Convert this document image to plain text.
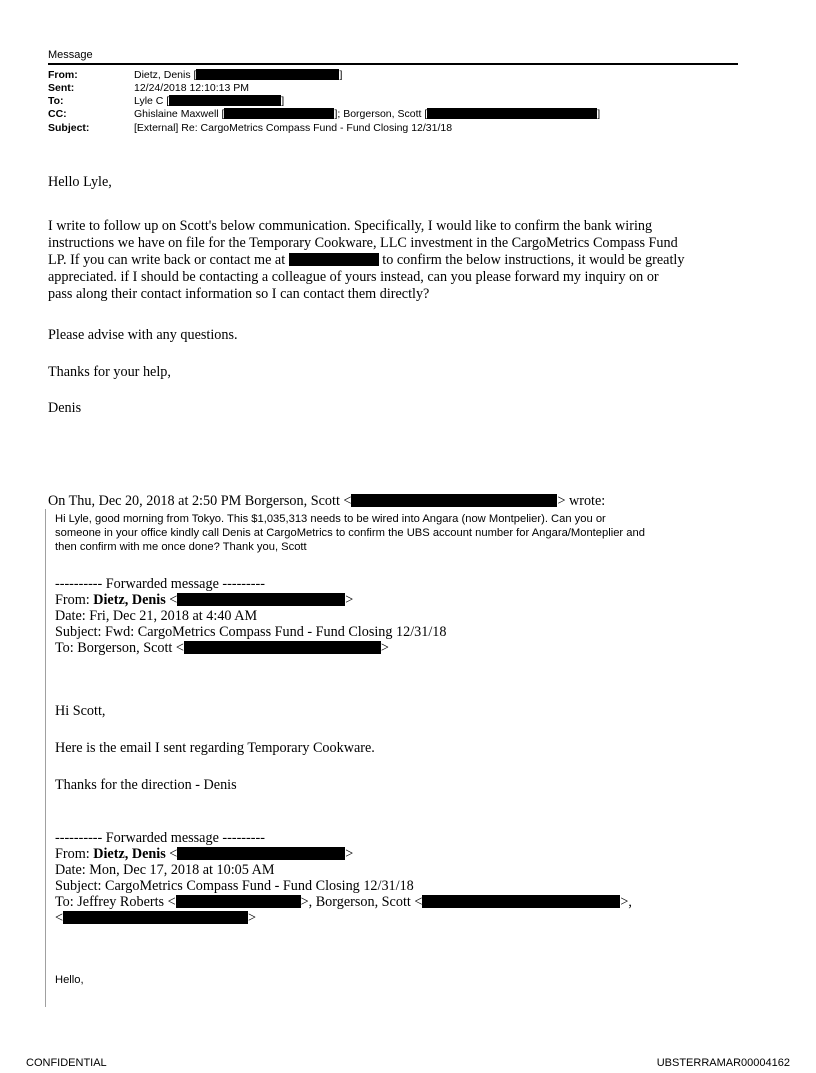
Message
From:	Dietz, Denis [	]
Sent:	12/24/2018 12:10:13 PM
To:	Lyle C [	]
CC:	Ghislaine Maxwell [	]; Borgerson, Scott [	]
Subject:	[External] Re: CargoMetrics Compass Fund - Fund Closing 12/31/18
Hello Lyle,
I write to follow up on Scott's below communication. Specifically, I would like to confirm the bank wiring
instructions we have on file for the Temporary Cookware, LLC investment in the CargoMetrics Compass Fund
LP. If you can write back or contact me at	to confirm the below instructions, it would be greatly
appreciated. if I should be contacting a colleague of yours instead, can you please forward my inquiry on or
pass along their contact information so I can contact them directly?
Please advise with any questions.
Thanks for your help,
Denis
On Thu, Dec 20, 2018 at 2:50 PM Borgerson, Scott <	> wrote:
Hi Lyle, good morning from Tokyo. This $1,035,313 needs to be wired into Angara (now Montpelier). Can you or
someone in your office kindly call Denis at CargoMetrics to confirm the UBS account number for Angara/Monteplier and
then confirm with me once done? Thank you, Scott
---------- Forwarded message ---------
From: Dietz, Denis <	>
Date: Fri, Dec 21, 2018 at 4:40 AM
Subject: Fwd: CargoMetrics Compass Fund - Fund Closing 12/31/18
To: Borgerson, Scott <	>
Hi Scott,
Here is the email I sent regarding Temporary Cookware.
Thanks for the direction - Denis
---------- Forwarded message ---------
From: Dietz, Denis <	>
Date: Mon, Dec 17, 2018 at 10:05 AM
Subject: CargoMetrics Compass Fund - Fund Closing 12/31/18
To: Jeffrey Roberts <	>, Borgerson, Scott <	>,
<	>
Hello,
CONFIDENTIAL	UBSTERRAMAR00004162
